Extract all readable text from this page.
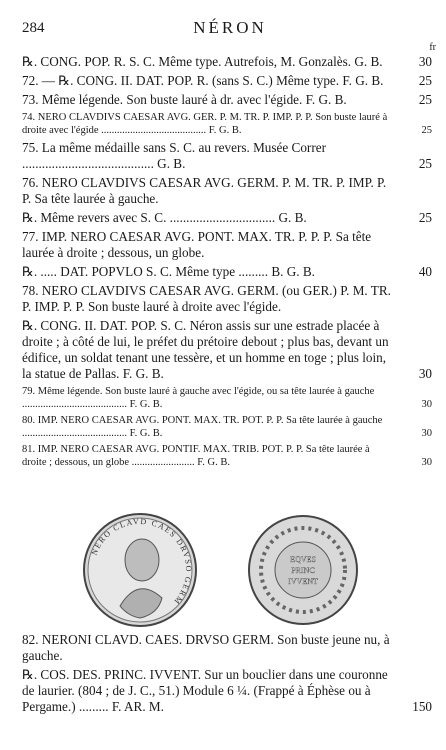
284	NÉRON
fr
℞. CONG. POP. R. S. C. Même type. Autrefois, M. Gonzalès. G. B.	30
72. — ℞. CONG. II. DAT. POP. R. (sans S. C.) Même type. F. G. B.	25
73. Même légende. Son buste lauré à dr. avec l'égide. F. G. B.	25
74. NERO CLAVDIVS CAESAR AVG. GER. P. M. TR. P. IMP. P. P. Son buste lauré à droite avec l'égide ........................................ F. G. B.	25
75. La même médaille sans S. C. au revers. Musée Correr ........................................ G. B.	25
76. NERO CLAVDIVS CAESAR AVG. GERM. P. M. TR. P. IMP. P. P. Sa tête laurée à gauche.
℞. Même revers avec S. C. ................................ G. B.	25
77. IMP. NERO CAESAR AVG. PONT. MAX. TR. P. P. P. Sa tête laurée à droite ; dessous, un globe.
℞. ..... DAT. POPVLO S. C. Même type ......... B. G. B.	40
78. NERO CLAVDIVS CAESAR AVG. GERM. (ou GER.) P. M. TR. P. IMP. P. P. Son buste lauré à droite avec l'égide.
℞. CONG. II. DAT. POP. S. C. Néron assis sur une estrade placée à droite ; à côté de lui, le préfet du prétoire debout ; plus bas, devant un édifice, un soldat tenant une tessère, et un homme en toge ; plus loin, la statue de Pallas. F. G. B.	30
79. Même légende. Son buste lauré à gauche avec l'égide, ou sa tête laurée à gauche ........................................ F. G. B.	30
80. IMP. NERO CAESAR AVG. PONT. MAX. TR. POT. P. P. Sa tête laurée à gauche ........................................ F. G. B.	30
81. IMP. NERO CAESAR AVG. PONTIF. MAX. TRIB. POT. P. P. Sa tête laurée à droite ; dessous, un globe ........................ F. G. B.	30
NERO CLAVD CAES DRVSO GERM
EQVES
PRINC
IVVENT
82. NERONI CLAVD. CAES. DRVSO GERM. Son buste jeune nu, à gauche.
℞. COS. DES. PRINC. IVVENT. Sur un bouclier dans une couronne de laurier. (804 ; de J. C., 51.) Module 6 ¼. (Frappé à Éphèse ou à Pergame.) ......... F. AR. M.	150
